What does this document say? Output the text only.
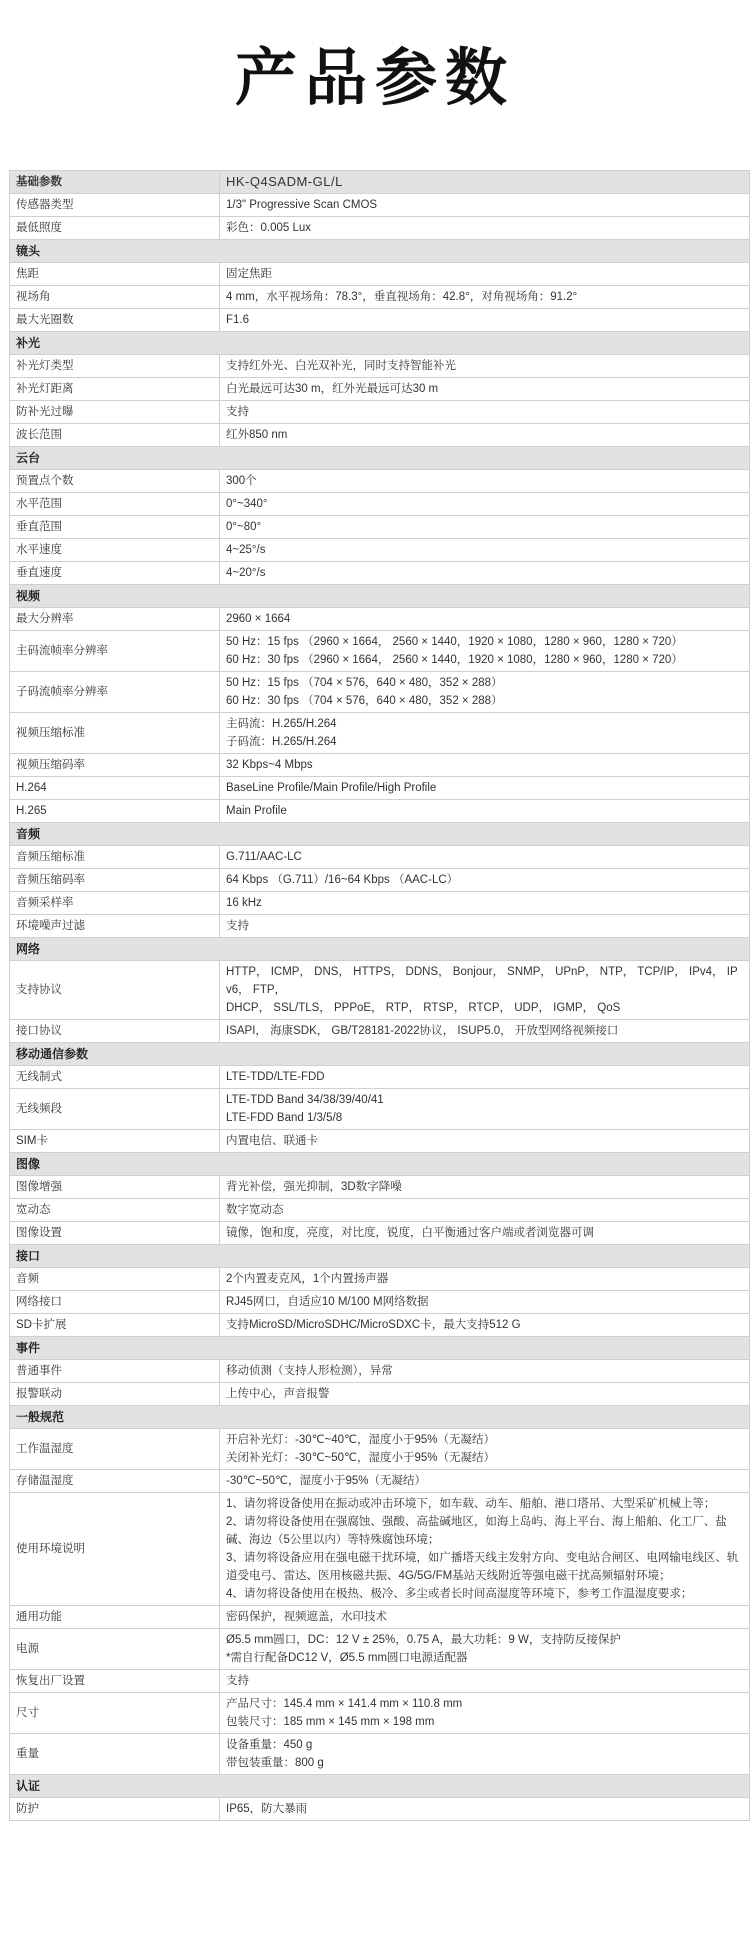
产品参数
基础参数	HK-Q4SADM-GL/L
传感器类型	1/3" Progressive Scan CMOS

最低照度	彩色：0.005 Lux

镜头	
焦距	固定焦距

视场角	4 mm，水平视场角：78.3°，垂直视场角：42.8°，对角视场角：91.2°

最大光圈数	F1.6

补光	
补光灯类型	支持红外光、白光双补光，同时支持智能补光

补光灯距离	白光最远可达30 m，红外光最远可达30 m

防补光过曝	支持

波长范围	红外850 nm

云台	
预置点个数	300个

水平范围	0°~340°

垂直范围	0°~80°

水平速度	4~25°/s

垂直速度	4~20°/s

视频	
最大分辨率	2960 × 1664

主码流帧率分辨率	50 Hz：15 fps （2960 × 1664， 2560 × 1440，1920 × 1080，1280 × 960，1280 × 720）
60 Hz：30 fps （2960 × 1664， 2560 × 1440，1920 × 1080，1280 × 960，1280 × 720）

子码流帧率分辨率	50 Hz：15 fps （704 × 576，640 × 480，352 × 288）
60 Hz：30 fps （704 × 576，640 × 480，352 × 288）

视频压缩标准	主码流：H.265/H.264
子码流：H.265/H.264

视频压缩码率	32 Kbps~4 Mbps

H.264	BaseLine Profile/Main Profile/High Profile

H.265	Main Profile

音频	
音频压缩标准	G.711/AAC-LC

音频压缩码率	64 Kbps （G.711）/16~64 Kbps （AAC-LC）

音频采样率	16 kHz

环境噪声过滤	支持

网络	
支持协议	HTTP， ICMP， DNS， HTTPS， DDNS， Bonjour， SNMP， UPnP， NTP， TCP/IP， IPv4， IPv6， FTP，
DHCP， SSL/TLS， PPPoE， RTP， RTSP， RTCP， UDP， IGMP， QoS

接口协议	ISAPI， 海康SDK， GB/T28181-2022协议， ISUP5.0， 开放型网络视频接口

移动通信参数	
无线制式	LTE-TDD/LTE-FDD

无线频段	LTE-TDD Band 34/38/39/40/41
LTE-FDD Band 1/3/5/8

SIM卡	内置电信、联通卡

图像	
图像增强	背光补偿，强光抑制，3D数字降噪

宽动态	数字宽动态

图像设置	镜像，饱和度，亮度，对比度，锐度，白平衡通过客户端或者浏览器可调

接口	
音频	2个内置麦克风，1个内置扬声器

网络接口	RJ45网口，自适应10 M/100 M网络数据

SD卡扩展	支持MicroSD/MicroSDHC/MicroSDXC卡，最大支持512 G

事件	
普通事件	移动侦测（支持人形检测），异常

报警联动	上传中心，声音报警

一般规范	
工作温湿度	开启补光灯：-30℃~40℃，湿度小于95%（无凝结）
关闭补光灯：-30℃~50℃，湿度小于95%（无凝结）

存储温湿度	-30℃~50℃，湿度小于95%（无凝结）

使用环境说明	1、请勿将设备使用在振动或冲击环境下，如车载、动车、船舶、港口塔吊、大型采矿机械上等；
2、请勿将设备使用在强腐蚀、强酸、高盐碱地区，如海上岛屿、海上平台、海上船舶、化工厂、盐碱、海边（5公里以内）等特殊腐蚀环境；
3、请勿将设备应用在强电磁干扰环境，如广播塔天线主发射方向、变电站合闸区、电网输电线区、轨道受电弓、雷达、医用核磁共振、4G/5G/FM基站天线附近等强电磁干扰高频辐射环境；
4、请勿将设备使用在极热、极冷、多尘或者长时间高湿度等环境下，参考工作温湿度要求；

通用功能	密码保护，视频遮盖，水印技术

电源	Ø5.5 mm圆口，DC：12 V ± 25%，0.75 A，最大功耗：9 W，支持防反接保护
*需自行配备DC12 V，Ø5.5 mm圆口电源适配器

恢复出厂设置	支持

尺寸	产品尺寸：145.4 mm × 141.4 mm × 110.8 mm
包装尺寸：185 mm × 145 mm × 198 mm

重量	设备重量：450 g
带包装重量：800 g

认证	
防护	IP65，防大暴雨
